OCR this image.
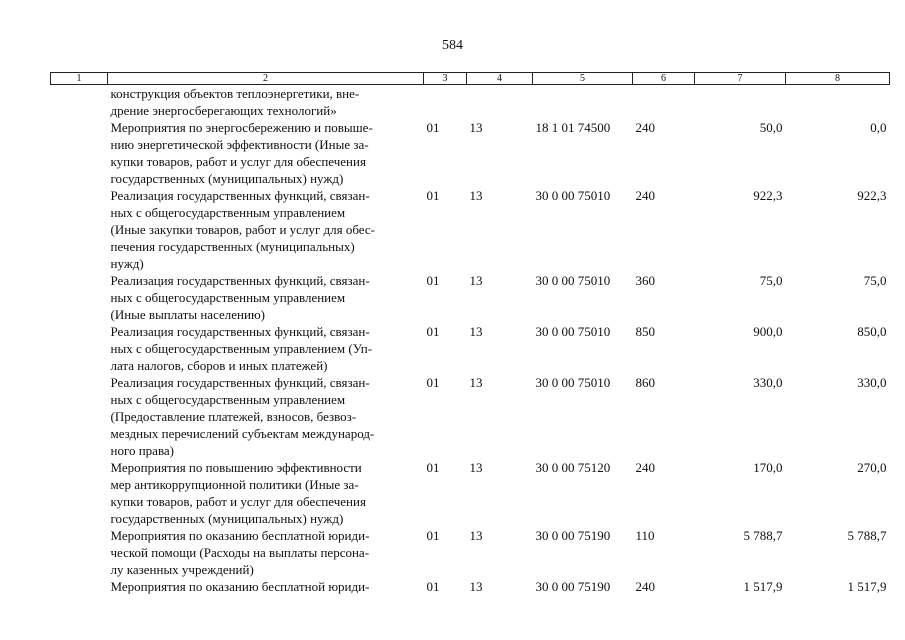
584
1	2	3	4	5	6	7	8

	конструкция объектов теплоэнергетики, вне-
дрение энергосберегающих технологий»						

	Мероприятия по энергосбережению и повыше-
нию энергетической эффективности (Иные за-
купки товаров, работ и услуг для обеспечения
государственных (муниципальных) нужд)	01	13	18 1 01 74500	240	50,0	0,0

	Реализация государственных функций, связан-
ных с общегосударственным управлением
(Иные закупки товаров, работ и услуг для обес-
печения государственных (муниципальных)
нужд)	01	13	30 0 00 75010	240	922,3	922,3

	Реализация государственных функций, связан-
ных с общегосударственным управлением
(Иные выплаты населению)	01	13	30 0 00 75010	360	75,0	75,0

	Реализация государственных функций, связан-
ных с общегосударственным управлением (Уп-
лата налогов, сборов и иных платежей)	01	13	30 0 00 75010	850	900,0	850,0

	Реализация государственных функций, связан-
ных с общегосударственным управлением
(Предоставление платежей, взносов, безвоз-
мездных перечислений субъектам международ-
ного права)	01	13	30 0 00 75010	860	330,0	330,0

	Мероприятия по повышению эффективности
мер антикоррупционной политики (Иные за-
купки товаров, работ и услуг для обеспечения
государственных (муниципальных) нужд)	01	13	30 0 00 75120	240	170,0	270,0

	Мероприятия по оказанию бесплатной юриди-
ческой помощи (Расходы на выплаты персона-
лу казенных учреждений)	01	13	30 0 00 75190	110	5 788,7	5 788,7

	Мероприятия по оказанию бесплатной юриди-	01	13	30 0 00 75190	240	1 517,9	1 517,9
